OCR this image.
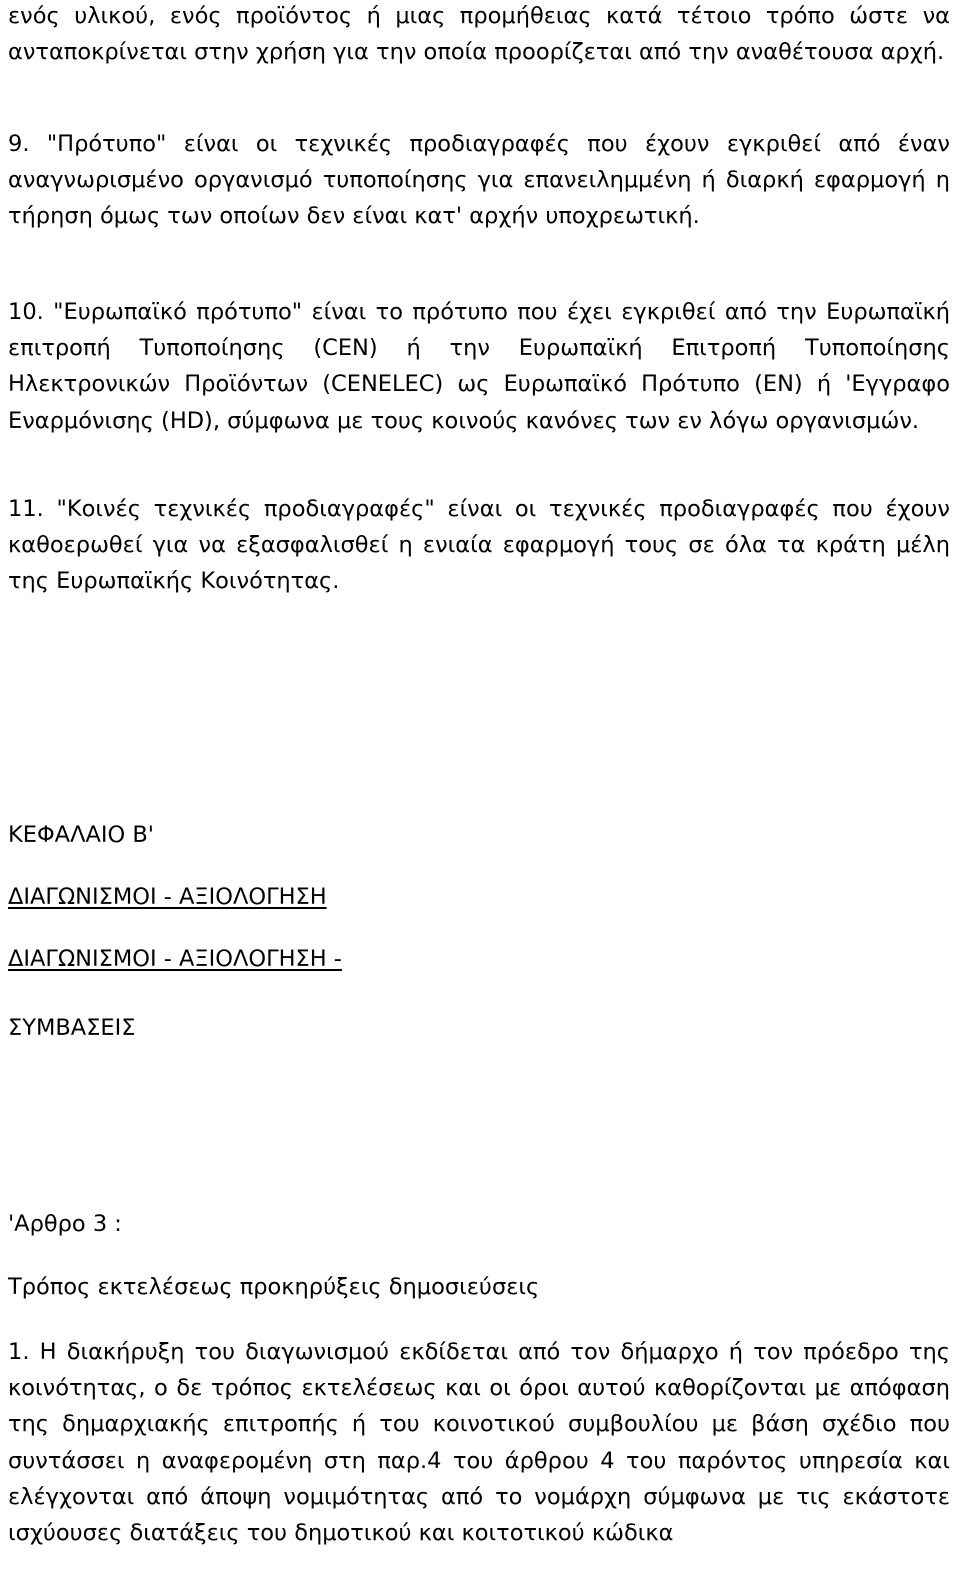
ενός υλικού, ενός προϊόντος ή μιας προμήθειας κατά τέτοιο τρόπο ώστε να ανταποκρίνεται στην χρήση για την οποία προορίζεται από την αναθέτουσα αρχή.

9. "Πρότυπο" είναι οι τεχνικές προδιαγραφές που έχουν εγκριθεί από έναν αναγνωρισμένο οργανισμό τυποποίησης για επανειλημμένη ή διαρκή εφαρμογή η τήρηση όμως των οποίων δεν είναι κατ' αρχήν υποχρεωτική.

10. "Ευρωπαϊκό πρότυπο" είναι το πρότυπο που έχει εγκριθεί από την Ευρωπαϊκή επιτροπή Τυποποίησης (CEN) ή την Ευρωπαϊκή Επιτροπή Τυποποίησης Ηλεκτρονικών Προϊόντων (CENELEC) ως Ευρωπαϊκό Πρότυπο (EN) ή 'Εγγραφο Εναρμόνισης (HD), σύμφωνα με τους κοινούς κανόνες των εν λόγω οργανισμών.

11. "Κοινές τεχνικές προδιαγραφές" είναι οι τεχνικές προδιαγραφές που έχουν καθοερωθεί για να εξασφαλισθεί η ενιαία εφαρμογή τους σε όλα τα κράτη μέλη της Ευρωπαϊκής Κοινότητας.

ΚΕΦΑΛΑΙΟ Β'

ΔΙΑΓΩΝΙΣΜΟΙ - ΑΞΙΟΛΟΓΗΣΗ

ΔΙΑΓΩΝΙΣΜΟΙ - ΑΞΙΟΛΟΓΗΣΗ -

ΣΥΜΒΑΣΕΙΣ

'Αρθρο 3 :

Τρόπος εκτελέσεως προκηρύξεις δημοσιεύσεις

1. Η διακήρυξη του διαγωνισμού εκδίδεται από τον δήμαρχο ή τον πρόεδρο της κοινότητας, ο δε τρόπος εκτελέσεως και οι όροι αυτού καθορίζονται με απόφαση της δημαρχιακής επιτροπής ή του κοινοτικού συμβουλίου με βάση σχέδιο που συντάσσει η αναφερομένη στη παρ.4 του άρθρου 4 του παρόντος υπηρεσία και ελέγχονται από άποψη νομιμότητας από το νομάρχη σύμφωνα με τις εκάστοτε ισχύουσες διατάξεις του δημοτικού και κοιτοτικού κώδικα
